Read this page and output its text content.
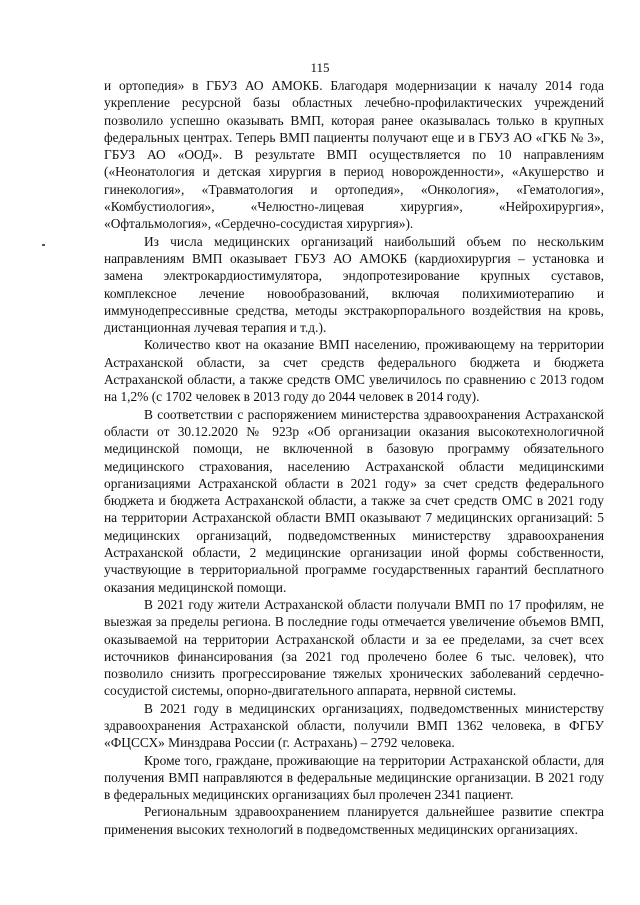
115

и ортопедия» в ГБУЗ АО АМОКБ. Благодаря модернизации к началу 2014 года укрепление ресурсной базы областных лечебно-профилактических учреждений позволило успешно оказывать ВМП, которая ранее оказывалась только в крупных федеральных центрах. Теперь ВМП пациенты получают еще и в ГБУЗ АО «ГКБ № 3», ГБУЗ АО «ООД». В результате ВМП осуществляется по 10 направлениям («Неонатология и детская хирургия в период новорожденности», «Акушерство и гинекология», «Травматология и ортопедия», «Онкология», «Гематология», «Комбустиология», «Челюстно-лицевая хирургия», «Нейрохирургия», «Офтальмология», «Сердечно-сосудистая хирургия»).

Из числа медицинских организаций наибольший объем по нескольким направлениям ВМП оказывает ГБУЗ АО АМОКБ (кардиохирургия – установка и замена электрокардиостимулятора, эндопротезирование крупных суставов, комплексное лечение новообразований, включая полихимиотерапию и иммунодепрессивные средства, методы экстракорпорального воздействия на кровь, дистанционная лучевая терапия и т.д.).

Количество квот на оказание ВМП населению, проживающему на территории Астраханской области, за счет средств федерального бюджета и бюджета Астраханской области, а также средств ОМС увеличилось по сравнению с 2013 годом на 1,2% (с 1702 человек в 2013 году до 2044 человек в 2014 году).

В соответствии с распоряжением министерства здравоохранения Астраханской области от 30.12.2020 № 923р «Об организации оказания высокотехнологичной медицинской помощи, не включенной в базовую программу обязательного медицинского страхования, населению Астраханской области медицинскими организациями Астраханской области в 2021 году» за счет средств федерального бюджета и бюджета Астраханской области, а также за счет средств ОМС в 2021 году на территории Астраханской области ВМП оказывают 7 медицинских организаций: 5 медицинских организаций, подведомственных министерству здравоохранения Астраханской области, 2 медицинские организации иной формы собственности, участвующие в территориальной программе государственных гарантий бесплатного оказания медицинской помощи.

В 2021 году жители Астраханской области получали ВМП по 17 профилям, не выезжая за пределы региона. В последние годы отмечается увеличение объемов ВМП, оказываемой на территории Астраханской области и за ее пределами, за счет всех источников финансирования (за 2021 год пролечено более 6 тыс. человек), что позволило снизить прогрессирование тяжелых хронических заболеваний сердечно-сосудистой системы, опорно-двигательного аппарата, нервной системы.

В 2021 году в медицинских организациях, подведомственных министерству здравоохранения Астраханской области, получили ВМП 1362 человека, в ФГБУ «ФЦССХ» Минздрава России (г. Астрахань) – 2792 человека.

Кроме того, граждане, проживающие на территории Астраханской области, для получения ВМП направляются в федеральные медицинские организации. В 2021 году в федеральных медицинских организациях был пролечен 2341 пациент.

Региональным здравоохранением планируется дальнейшее развитие спектра применения высоких технологий в подведомственных медицинских организациях.
